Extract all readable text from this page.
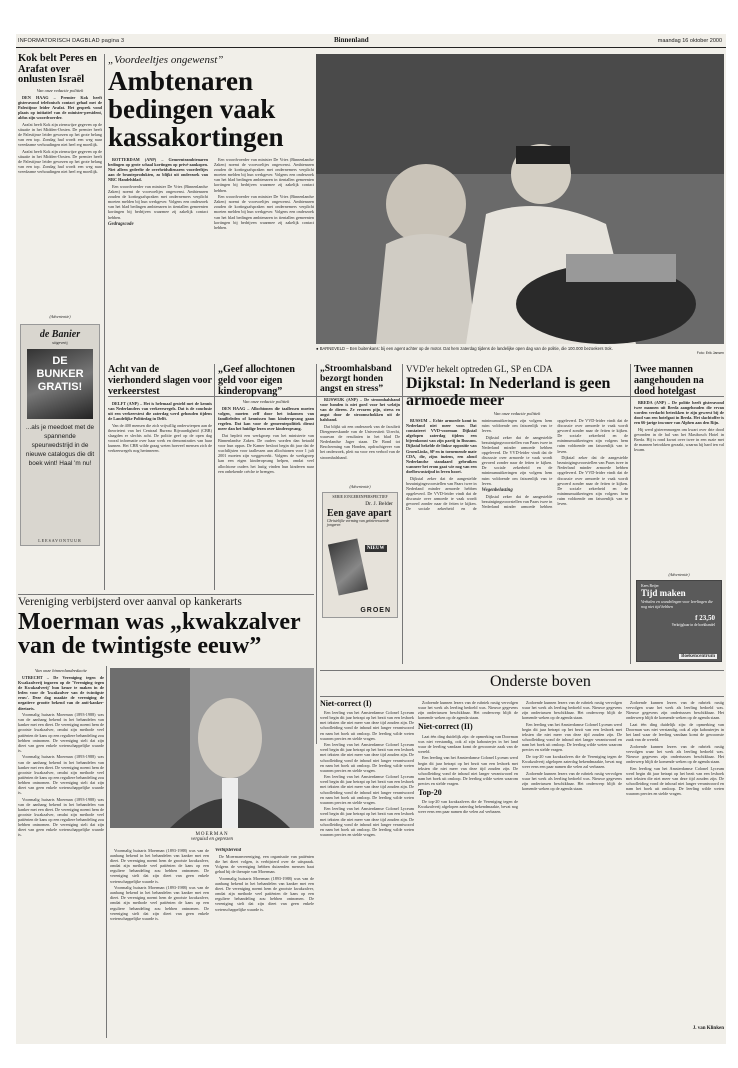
INFORMATORISCH DAGBLAD pagina 3	Binnenland	maandag 16 oktober 2000
Kok belt Peres en Arafat over onlusten Israël
Van onze redactie politiek

DEN HAAG – Premier Kok heeft gisteravond telefonisch contact gehad met de Palestijnse leider Arafat. Het gesprek vond plaats op initiatief van de minister-president, aldus zijn woordvoerder.

Arafat heeft Kok zijn zienswijze gegeven op de situatie in het Midden-Oosten. De premier heeft de Palestijnse leider gewezen op het grote belang van een top. Zondag had wordt een weg naar vreedzame verhoudingen niet heel erg moeilijk.

Arafat heeft Kok zijn zienswijze gegeven op de situatie in het Midden-Oosten. De premier heeft de Palestijnse leider gewezen op het grote belang van een top. Zondag had wordt een weg naar vreedzame verhoudingen niet heel erg moeilijk.

(Advertentie)
de Banier
uitgeverij
DE BUNKER GRATIS!
...als je meedoet met de spannende speurwedstrijd in de nieuwe catalogus die dit boek wint! Haal 'm nu!
LEESAVONTUUR
„Voordeeltjes ongewenst”
Ambtenaren bedingen vaak kassakortingen

ROTTERDAM (ANP) – Gemeenteambtenaren bedingen op grote schaal kortingen op privé-aankopen. Niet alleen gedeelte de overheidsdienaren voordeeltjes aan de beauteprodukten, zo blijkt uit onderzoek van NRC Handelsblad.

Een woordvoerder van minister De Vries (Binnenlandse Zaken) noemt de voorvoeltjes ongewenst. Ambtenaren zouden de kortingsafspraken met ondernemers verplicht moeten melden bij hun werkgever. Volgens een onderzoek van het blad bedingen ambtenaren in tientallen gemeenten kortingen bij bedrijven waarmee zij zakelijk contact hebben.

Gedragscode

Een woordvoerder van minister De Vries (Binnenlandse Zaken) noemt de voorvoeltjes ongewenst. Ambtenaren zouden de kortingsafspraken met ondernemers verplicht moeten melden bij hun werkgever. Volgens een onderzoek van het blad bedingen ambtenaren in tientallen gemeenten kortingen bij bedrijven waarmee zij zakelijk contact hebben.

Een woordvoerder van minister De Vries (Binnenlandse Zaken) noemt de voorvoeltjes ongewenst. Ambtenaren zouden de kortingsafspraken met ondernemers verplicht moeten melden bij hun werkgever. Volgens een onderzoek van het blad bedingen ambtenaren in tientallen gemeenten kortingen bij bedrijven waarmee zij zakelijk contact hebben.

● BARNEVELD – Een buitenkans: bij een agent achter op de motor. Dat hem zaterdag tijdens de landelijke open dag van de politie, die 100.000 bezoekers trok.
Foto: Erik Jansen
Acht van de vierhonderd slagen voor verkeerstest

DELFT (ANP) – Het is helemaal gesteld met de kennis van Nederlanders van verkeersregels. Dat is de conclusie uit een verkeerstest die zaterdag werd gehouden tijdens de Landelijke Politiedag in Delft.

Van de 400 mensen die zich vrijwillig onderwierpen aan de theorietest van het Centraal Bureau Rijvaardigheid (CBR) slaagden er slechts acht. De politie geef op de open dag vooral informatie over haar werk en demonstraties van haar kunnen. Het CBR wilde graag weten hoeveel mensen zich de verkeersregels nog herinneren.

„Geef allochtonen geld voor eigen kinderopvang”
Van onze redactie politiek

DEN HAAG – Allochtonen die taallessen moeten volgen, moeten zelf door het inkomen van familieleden of kennissen hun kinderopvang gaan regelen. Dat kan voor de gemeentepolitiek dienst meer dan het huidige lezen over kinderopvang.

Dat bepleit een werkgroep van het ministerie van Binnenlandse Zaken. De ouders worden dan betaald voor hun oppas. De Kamer besloot begin dit jaar dat de wachtlijsten voor taallessen aan allochtonen voor 1 juli 2001 moeten zijn weggewerkt. Volgens de werkgroep kan een eigen kinderopvang helpen, omdat veel allochtone ouders het lastig vinden hun kinderen naar een onbekende crèche te brengen.

„Stroomhalsband bezorgt honden angst en stress”

RIJSWIJK (ANP) – De stroomhalsband voor honden is niet goed voor het welzijn van de dieren. Ze ervaren pijn, stress en angst door de stroomschokken uit de halsband.

Dat blijkt uit een onderzoek van de faculteit Diergeneeskunde van de Universiteit Utrecht, waarvan de resultaten in het blad De Nederlandse Jager staan. De Bond tot Bescherming van Honden, opdrachtgever van het onderzoek, pleit nu voor een verbod van de stroomhalsband.

(Advertentie)
SERIE JONGERENPERSPECTIEF
Dr. J. Belder
Een gave apart
Christelijke vorming van geïnteresseerde jongeren
NIEUW
GROEN
VVD'er hekelt optreden GL, SP en CDA
Dijkstal: In Nederland is geen armoede meer
Van onze redactie politiek

BUSSUM – Echte armoede komt in Nederland niet meer voor. Dat constateert VVD-voorman Dijkstal afgelopen zaterdag tijdens een bijeenkomst van zijn partij in Bussum. Dijkstal hekelde de linkse oppositie van GroenLinks, SP en in toenemende mate CDA, die, zijns inziens, een aloud Nederlandse standaard gebruiken wanneer het erom gaat wie nog van een doelbewustzijnd in leven hoort.

Dijkstal zeker dat de aangestelde bezuinigingsvoorstellen van Paars twee in Nederland minder armoede hebben opgeleverd. De VVD-leider vindt dat de discussie over armoede te vaak wordt gevoerd zonder naar de feiten te kijken. De sociale zekerheid en de minimumuitkeringen zijn volgens hem ruim voldoende om fatsoenlijk van te leven.

Dijkstal zeker dat de aangestelde bezuinigingsvoorstellen van Paars twee in Nederland minder armoede hebben opgeleverd. De VVD-leider vindt dat de discussie over armoede te vaak wordt gevoerd zonder naar de feiten te kijken. De sociale zekerheid en de minimumuitkeringen zijn volgens hem ruim voldoende om fatsoenlijk van te leven.

Wegenbelasting

Dijkstal zeker dat de aangestelde bezuinigingsvoorstellen van Paars twee in Nederland minder armoede hebben opgeleverd. De VVD-leider vindt dat de discussie over armoede te vaak wordt gevoerd zonder naar de feiten te kijken. De sociale zekerheid en de minimumuitkeringen zijn volgens hem ruim voldoende om fatsoenlijk van te leven.

Dijkstal zeker dat de aangestelde bezuinigingsvoorstellen van Paars twee in Nederland minder armoede hebben opgeleverd. De VVD-leider vindt dat de discussie over armoede te vaak wordt gevoerd zonder naar de feiten te kijken. De sociale zekerheid en de minimumuitkeringen zijn volgens hem ruim voldoende om fatsoenlijk van te leven.

Twee mannen aangehouden na dood hotelgast

BREDA (ANP) – De politie heeft gisteravond twee mannen uit Breda aangehouden die ervan worden verdacht betrokken te zijn geweest bij de dood van een hotelgast in Breda. Het slachtoffer is een 66-jarige inwoner van Alphen aan den Rijn.

Hij werd gisterenmorgen om kwart over drie dood gevonden in de hal van het Mastbosch Hotel in Breda. Hij is rond kwart over twee in een ruzie met de mannen betrokken geraakt, waarna hij hard ten val kwam.

(Advertentie)
Kees Beijer
Tijd maken
Verhalen en wandelingen voor leerlingen die nog niet tijd hebben
f 23,50
Verkrijgbaar in de boekhandel
Boekencentrum
Vereniging verbijsterd over aanval op kankerarts
Moerman was „kwakzalver van de twintigste eeuw”
Van onze binnenlandredactie

UTRECHT – De Vereniging tegen de Kwakzalverij ingaven op de 'Vereniging tegen de Kwakzalverij' hun keuze te maken in de leden voor de 'kwakzalver van de twintigste eeuw'. Deze dag maakte de vereniging de negatieve grootte bekend van de anti-kanker-dieetarts.

Voormalig huisarts Moerman (1893-1988) was van de aanhang bekend in het behandelen van kanker met een dieet. De vereniging noemt hem de grootste kwakzalver, omdat zijn methode veel patiënten de kans op een reguliere behandeling zou hebben ontnomen. De vereniging stelt dat zijn dieet van geen enkele wetenschappelijke waarde is.

Voormalig huisarts Moerman (1893-1988) was van de aanhang bekend in het behandelen van kanker met een dieet. De vereniging noemt hem de grootste kwakzalver, omdat zijn methode veel patiënten de kans op een reguliere behandeling zou hebben ontnomen. De vereniging stelt dat zijn dieet van geen enkele wetenschappelijke waarde is.

Voormalig huisarts Moerman (1893-1988) was van de aanhang bekend in het behandelen van kanker met een dieet. De vereniging noemt hem de grootste kwakzalver, omdat zijn methode veel patiënten de kans op een reguliere behandeling zou hebben ontnomen. De vereniging stelt dat zijn dieet van geen enkele wetenschappelijke waarde is.	MOERMAN
verguisd en geprezen

Voormalig huisarts Moerman (1893-1988) was van de aanhang bekend in het behandelen van kanker met een dieet. De vereniging noemt hem de grootste kwakzalver, omdat zijn methode veel patiënten de kans op een reguliere behandeling zou hebben ontnomen. De vereniging stelt dat zijn dieet van geen enkele wetenschappelijke waarde is.

Voormalig huisarts Moerman (1893-1988) was van de aanhang bekend in het behandelen van kanker met een dieet. De vereniging noemt hem de grootste kwakzalver, omdat zijn methode veel patiënten de kans op een reguliere behandeling zou hebben ontnomen. De vereniging stelt dat zijn dieet van geen enkele wetenschappelijke waarde is.

Verbijsterend

De Moermanvereniging, een organisatie van patiënten die het dieet volgen, is verbijsterd over de uitspraak. Volgens de vereniging hebben duizenden mensen baat gehad bij de therapie van Moerman.

Voormalig huisarts Moerman (1893-1988) was van de aanhang bekend in het behandelen van kanker met een dieet. De vereniging noemt hem de grootste kwakzalver, omdat zijn methode veel patiënten de kans op een reguliere behandeling zou hebben ontnomen. De vereniging stelt dat zijn dieet van geen enkele wetenschappelijke waarde is.

Onderste boven
Niet-correct (I)

Een leerling van het Amsterdamse Colonel Lyceum werd begin dit jaar betrapt op het bezit van een lesboek met teksten die niet meer van deze tijd zouden zijn. De schoolleiding vond de inhoud niet langer verantwoord en nam het boek uit omloop. De leerling wilde weten waarom precies en stelde vragen.

Een leerling van het Amsterdamse Colonel Lyceum werd begin dit jaar betrapt op het bezit van een lesboek met teksten die niet meer van deze tijd zouden zijn. De schoolleiding vond de inhoud niet langer verantwoord en nam het boek uit omloop. De leerling wilde weten waarom precies en stelde vragen.

Een leerling van het Amsterdamse Colonel Lyceum werd begin dit jaar betrapt op het bezit van een lesboek met teksten die niet meer van deze tijd zouden zijn. De schoolleiding vond de inhoud niet langer verantwoord en nam het boek uit omloop. De leerling wilde weten waarom precies en stelde vragen.

Een leerling van het Amsterdamse Colonel Lyceum werd begin dit jaar betrapt op het bezit van een lesboek met teksten die niet meer van deze tijd zouden zijn. De schoolleiding vond de inhoud niet langer verantwoord en nam het boek uit omloop. De leerling wilde weten waarom precies en stelde vragen.

Zodoende kunnen lezers van de rubriek rustig vervolgen waar het werk als leerling bedoeld was. Nieuwe gegevens zijn ondertussen beschikbaar. Het onderwerp blijft de komende weken op de agenda staan.

Niet-correct (II)

Laat één ding duidelijk zijn: de opmerking van Doorman was niet verstandig, ook al zijn kabouterjes in het land waar de leerling vandaan komt de gewoonste zaak van de wereld.

Een leerling van het Amsterdamse Colonel Lyceum werd begin dit jaar betrapt op het bezit van een lesboek met teksten die niet meer van deze tijd zouden zijn. De schoolleiding vond de inhoud niet langer verantwoord en nam het boek uit omloop. De leerling wilde weten waarom precies en stelde vragen.

Top-20

De top-20 van kwakzalvers die de Vereniging tegen de Kwakzalverij afgelopen zaterdag bekendmaakte, bevat nog weer eens een paar namen die velen zal verbazen.

Zodoende kunnen lezers van de rubriek rustig vervolgen waar het werk als leerling bedoeld was. Nieuwe gegevens zijn ondertussen beschikbaar. Het onderwerp blijft de komende weken op de agenda staan.

Een leerling van het Amsterdamse Colonel Lyceum werd begin dit jaar betrapt op het bezit van een lesboek met teksten die niet meer van deze tijd zouden zijn. De schoolleiding vond de inhoud niet langer verantwoord en nam het boek uit omloop. De leerling wilde weten waarom precies en stelde vragen.

De top-20 van kwakzalvers die de Vereniging tegen de Kwakzalverij afgelopen zaterdag bekendmaakte, bevat nog weer eens een paar namen die velen zal verbazen.

Zodoende kunnen lezers van de rubriek rustig vervolgen waar het werk als leerling bedoeld was. Nieuwe gegevens zijn ondertussen beschikbaar. Het onderwerp blijft de komende weken op de agenda staan.

Zodoende kunnen lezers van de rubriek rustig vervolgen waar het werk als leerling bedoeld was. Nieuwe gegevens zijn ondertussen beschikbaar. Het onderwerp blijft de komende weken op de agenda staan.

Laat één ding duidelijk zijn: de opmerking van Doorman was niet verstandig, ook al zijn kabouterjes in het land waar de leerling vandaan komt de gewoonste zaak van de wereld.

Zodoende kunnen lezers van de rubriek rustig vervolgen waar het werk als leerling bedoeld was. Nieuwe gegevens zijn ondertussen beschikbaar. Het onderwerp blijft de komende weken op de agenda staan.

Een leerling van het Amsterdamse Colonel Lyceum werd begin dit jaar betrapt op het bezit van een lesboek met teksten die niet meer van deze tijd zouden zijn. De schoolleiding vond de inhoud niet langer verantwoord en nam het boek uit omloop. De leerling wilde weten waarom precies en stelde vragen.

J. van Klinken
